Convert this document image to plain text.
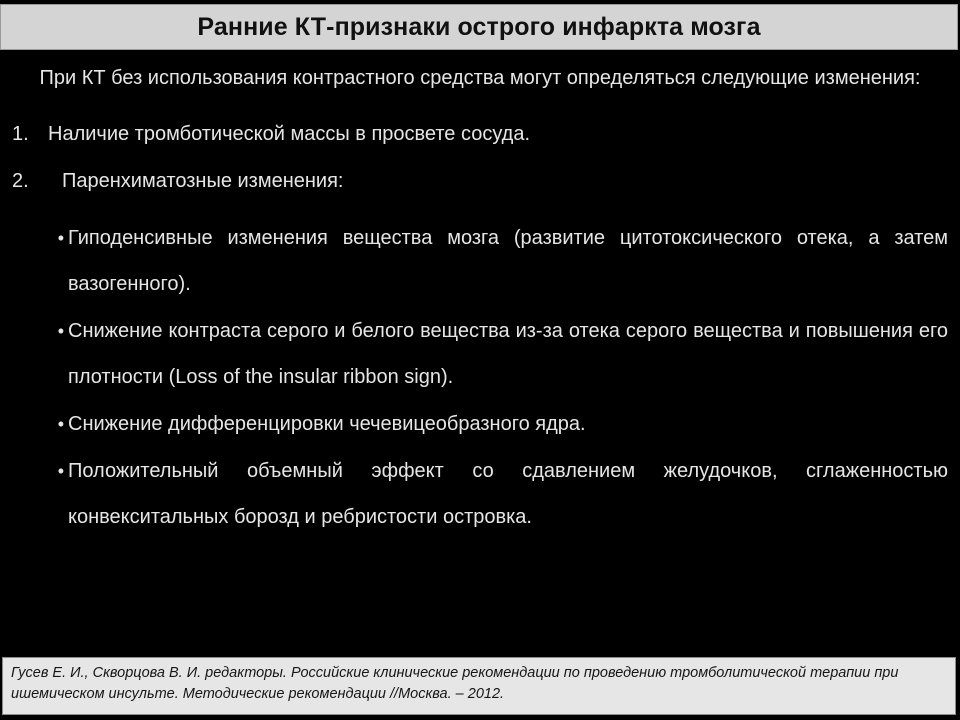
Ранние КТ-признаки острого инфаркта мозга

При КТ без использования контрастного средства могут определяться следующие изменения:

1. Наличие тромботической массы в просвете сосуда.
2.	Паренхиматозные изменения:
• Гиподенсивные изменения вещества мозга (развитие цитотоксического отека, а затем вазогенного).
• Снижение контраста серого и белого вещества из-за отека серого вещества и повышения его плотности (Loss of the insular ribbon sign).
• Снижение дифференцировки чечевицеобразного ядра.
• Положительный объемный эффект со сдавлением желудочков, сглаженностью конвекситальных борозд и ребристости островка.
Гусев Е. И., Скворцова В. И. редакторы. Российские клинические рекомендации по проведению тромболитической терапии при ишемическом инсульте. Методические рекомендации //Москва. – 2012.
